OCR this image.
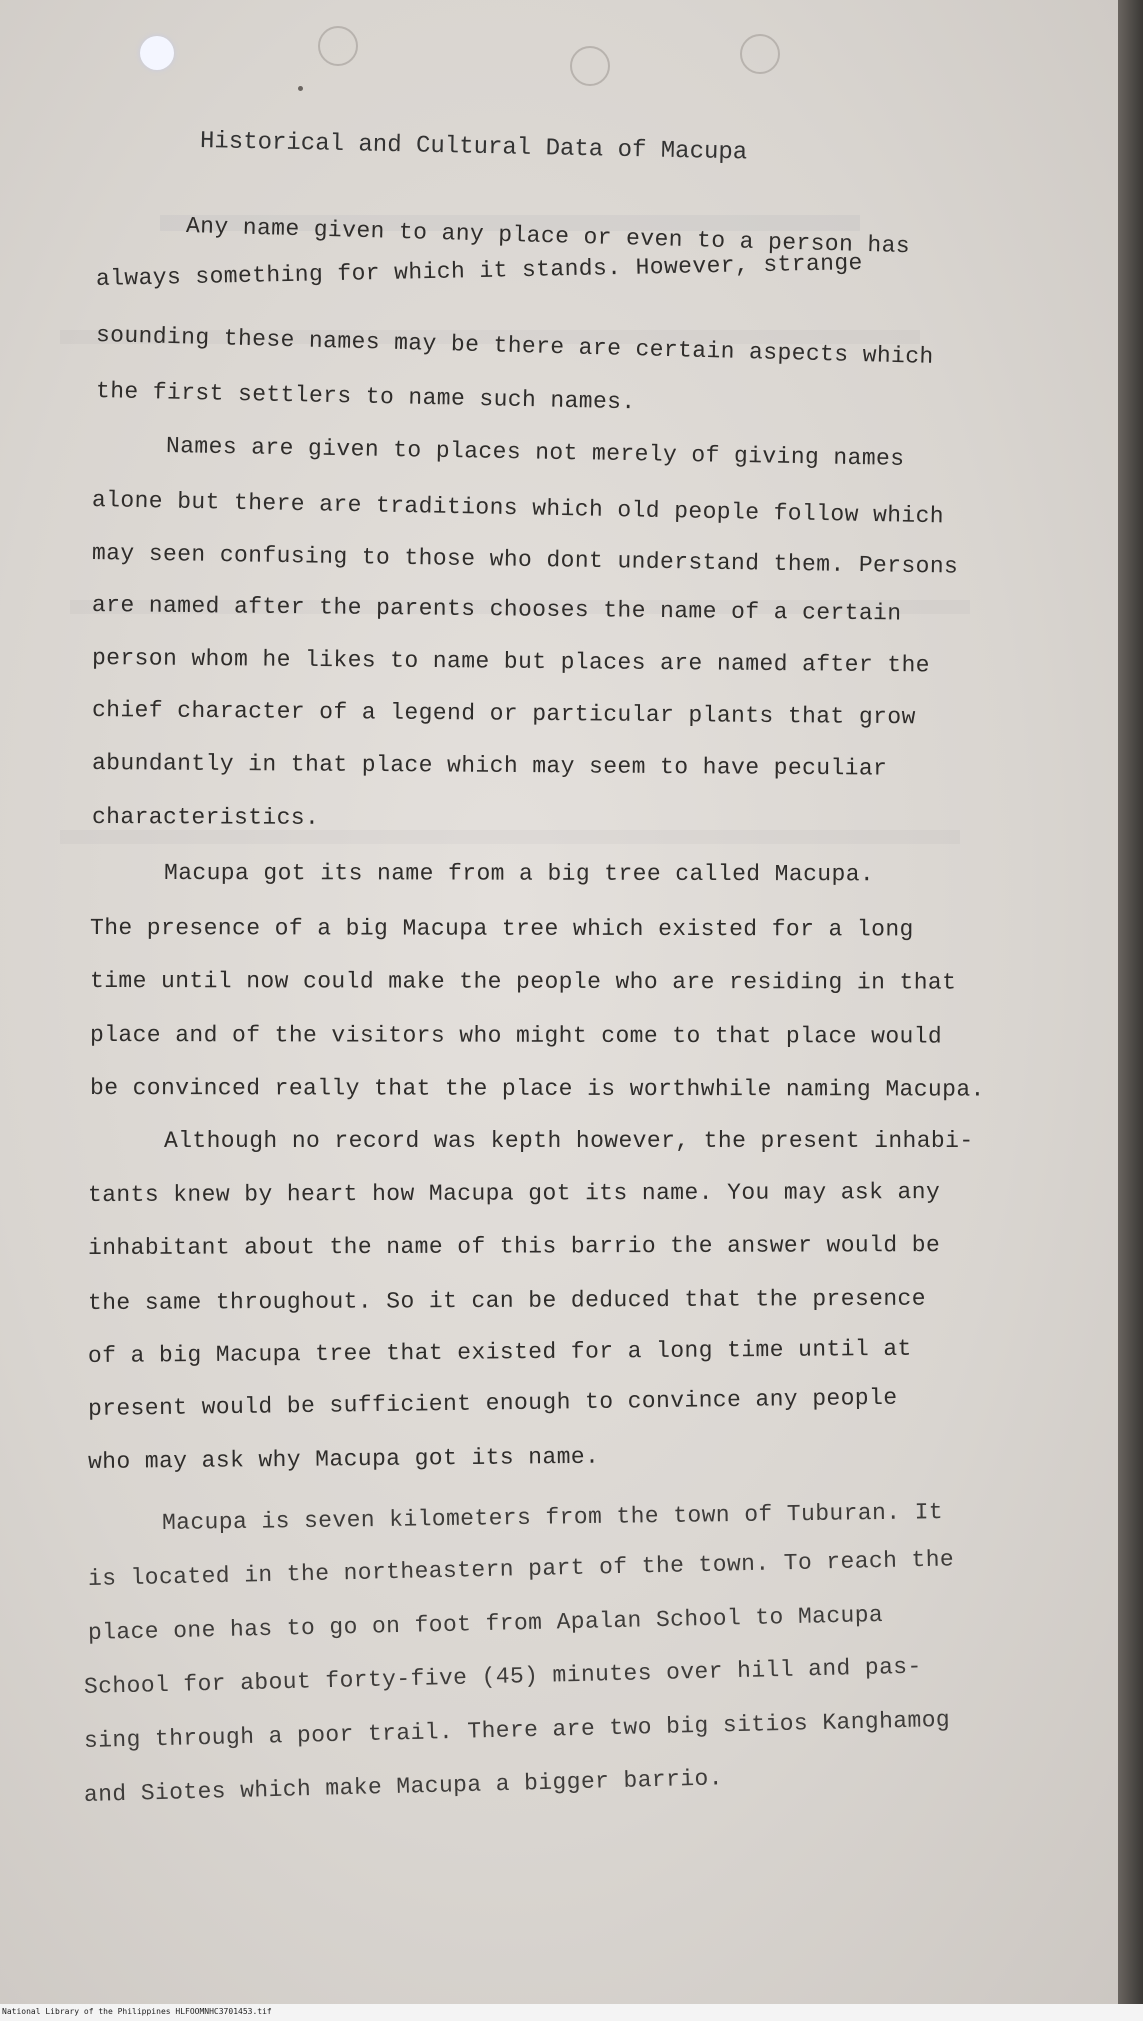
Historical and Cultural Data of Macupa
Any name given to any place or even to a person has
always something for which it stands. However, strange
sounding these names may be there are certain aspects which
the first settlers to name such names.
Names are given to places not merely of giving names
alone but there are traditions which old people follow which
may seen confusing to those who dont understand them. Persons
are named after the parents chooses the name of a certain
person whom he likes to name but places are named after the
chief character of a legend or particular plants that grow
abundantly in that place which may seem to have peculiar
characteristics.
Macupa got its name from a big tree called Macupa.
The presence of a big Macupa tree which existed for a long
time until now could make the people who are residing in that
place and of the visitors who might come to that place would
be convinced really that the place is worthwhile naming Macupa.
Although no record was kepth however, the present inhabi-
tants knew by heart how Macupa got its name. You may ask any
inhabitant about the name of this barrio the answer would be
the same throughout. So it can be deduced that the presence
of a big Macupa tree that existed for a long time until at
present would be sufficient enough to convince any people
who may ask why Macupa got its name.
Macupa is seven kilometers from the town of Tuburan. It
is located in the northeastern part of the town. To reach the
place one has to go on foot from Apalan School to Macupa
School for about forty-five (45) minutes over hill and pas-
sing through a poor trail. There are two big sitios Kanghamog
and Siotes which make Macupa a bigger barrio.
National Library of the Philippines HLFOOMNHC3701453.tif
